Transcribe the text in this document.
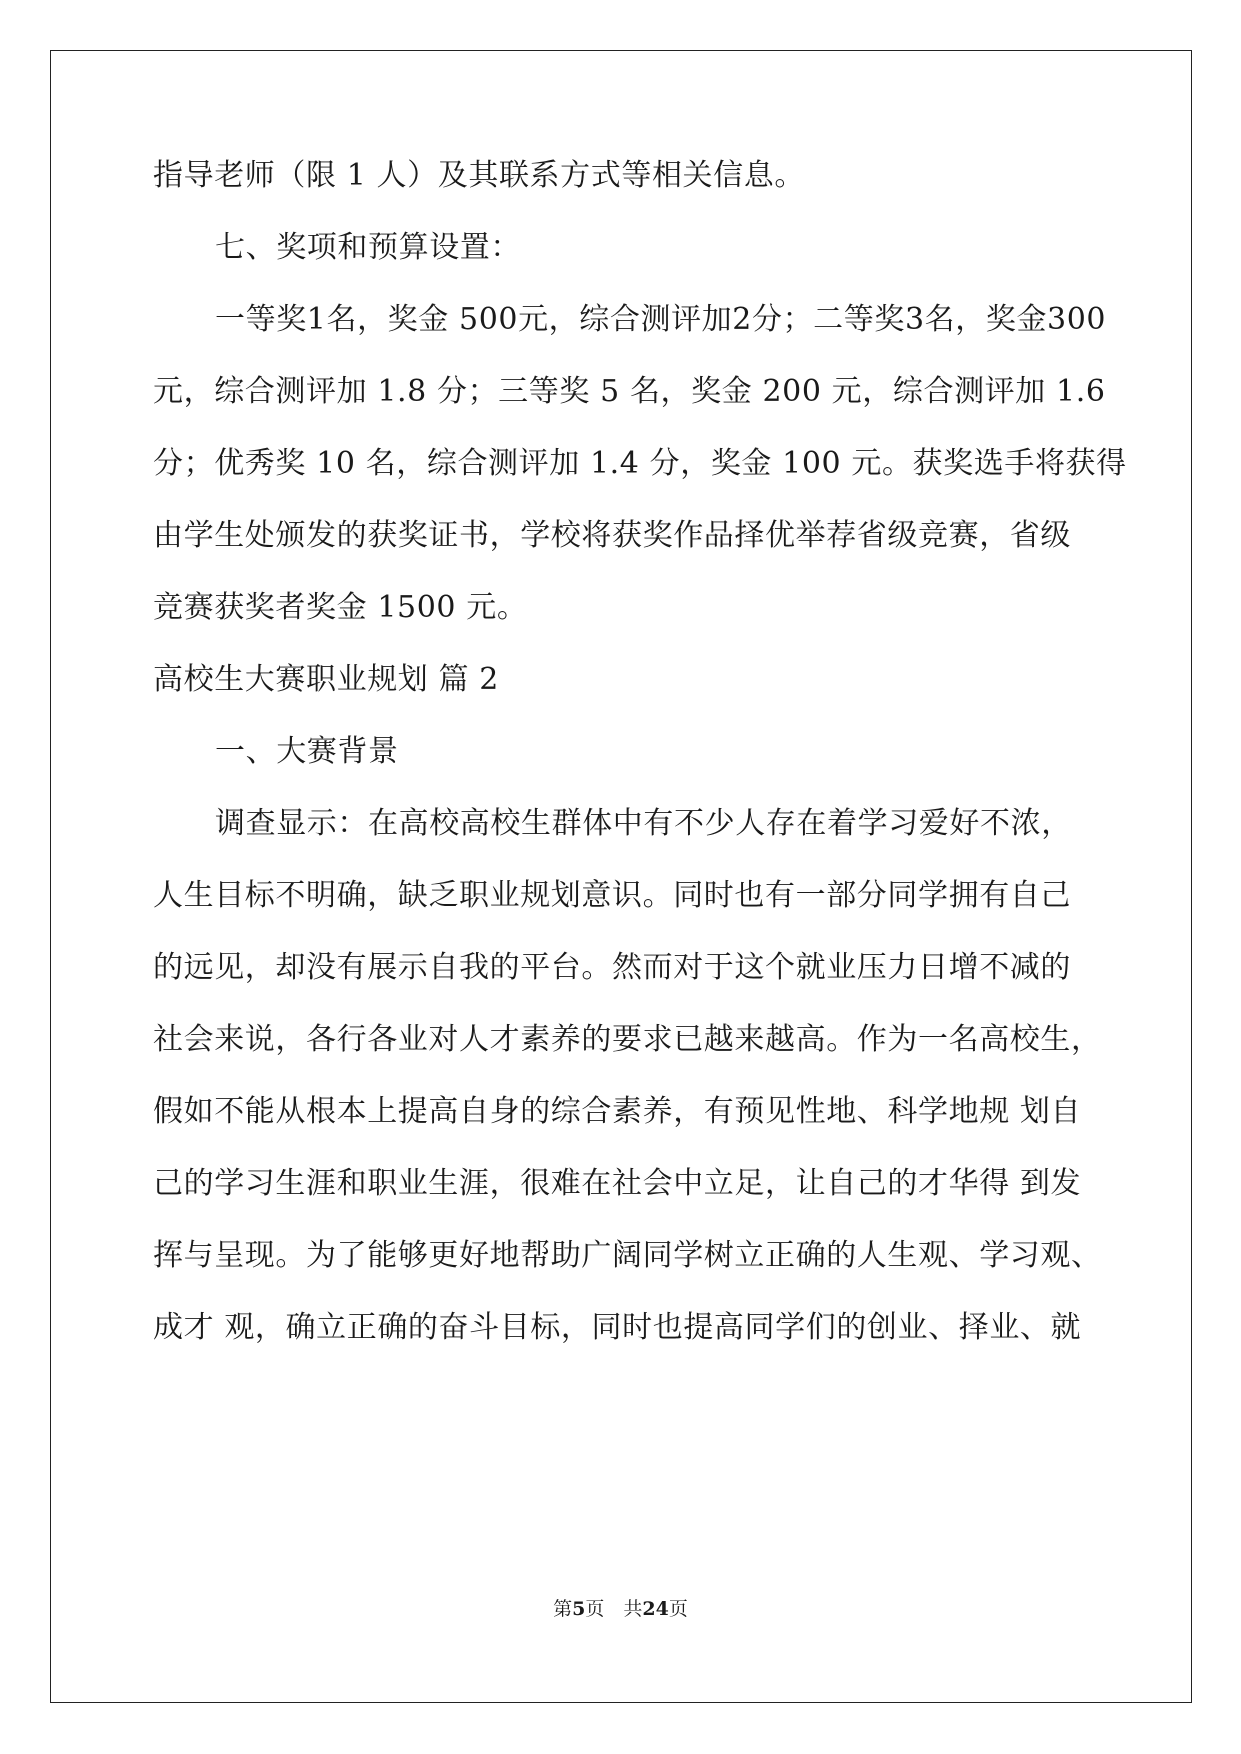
指导老师（限 1 人）及其联系方式等相关信息。
七、奖项和预算设置：
一等奖1名，奖金 500元，综合测评加2分；二等奖3名，奖金300
元，综合测评加 1.8 分；三等奖 5 名，奖金 200 元，综合测评加 1.6
分；优秀奖 10 名，综合测评加 1.4 分，奖金 100 元。获奖选手将获得
由学生处颁发的获奖证书，学校将获奖作品择优举荐省级竞赛，省级
竞赛获奖者奖金 1500 元。
高校生大赛职业规划 篇 2
一、大赛背景
调查显示：在高校高校生群体中有不少人存在着学习爱好不浓，
人生目标不明确，缺乏职业规划意识。同时也有一部分同学拥有自己
的远见，却没有展示自我的平台。然而对于这个就业压力日增不减的
社会来说，各行各业对人才素养的要求已越来越高。作为一名高校生，
假如不能从根本上提高自身的综合素养，有预见性地、科学地规 划自
己的学习生涯和职业生涯，很难在社会中立足，让自己的才华得 到发
挥与呈现。为了能够更好地帮助广阔同学树立正确的人生观、学习观、
成才 观，确立正确的奋斗目标，同时也提高同学们的创业、择业、就
第5页　共24页
